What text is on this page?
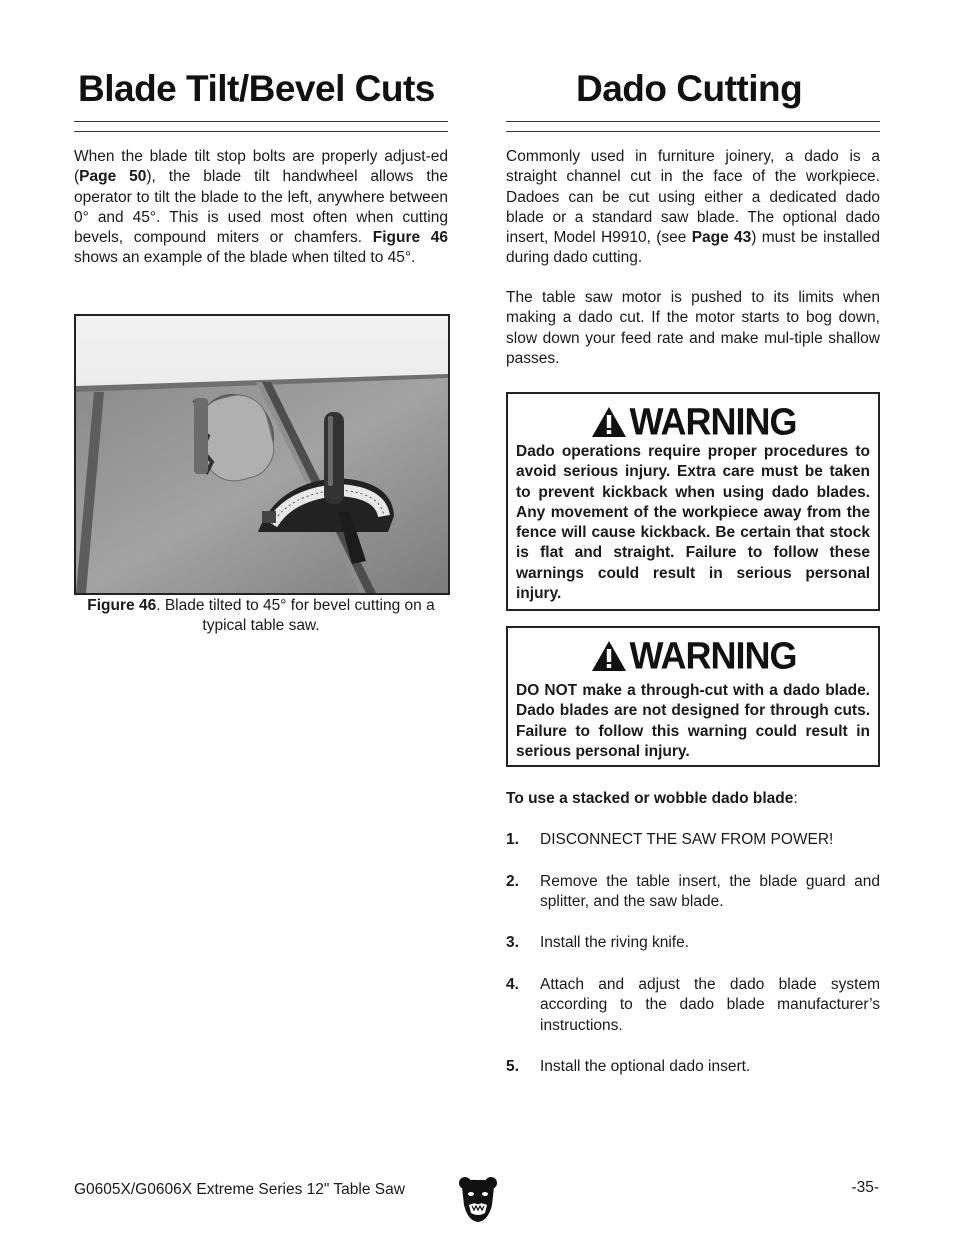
Blade Tilt/Bevel Cuts

When the blade tilt stop bolts are properly adjust-ed (Page 50), the blade tilt handwheel allows the operator to tilt the blade to the left, anywhere between 0° and 45°. This is used most often when cutting bevels, compound miters or chamfers. Figure 46 shows an example of the blade when tilted to 45°.

Figure 46. Blade tilted to 45° for bevel cutting on a typical table saw.
Dado Cutting

Commonly used in furniture joinery, a dado is a straight channel cut in the face of the workpiece. Dadoes can be cut using either a dedicated dado blade or a standard saw blade. The optional dado insert, Model H9910, (see Page 43) must be installed during dado cutting.

The table saw motor is pushed to its limits when making a dado cut. If the motor starts to bog down, slow down your feed rate and make mul-tiple shallow passes.

WARNING
Dado operations require proper procedures to avoid serious injury. Extra care must be taken to prevent kickback when using dado blades. Any movement of the workpiece away from the fence will cause kickback. Be certain that stock is flat and straight. Failure to follow these warnings could result in serious personal injury.
WARNING
DO NOT make a through-cut with a dado blade. Dado blades are not designed for through cuts. Failure to follow this warning could result in serious personal injury.
To use a stacked or wobble dado blade:
1. DISCONNECT THE SAW FROM POWER!
2. Remove the table insert, the blade guard and splitter, and the saw blade.
3. Install the riving knife.
4. Attach and adjust the dado blade system according to the dado blade manufacturer’s instructions.
5. Install the optional dado insert.
G0605X/G0606X Extreme Series 12" Table Saw	-35-
